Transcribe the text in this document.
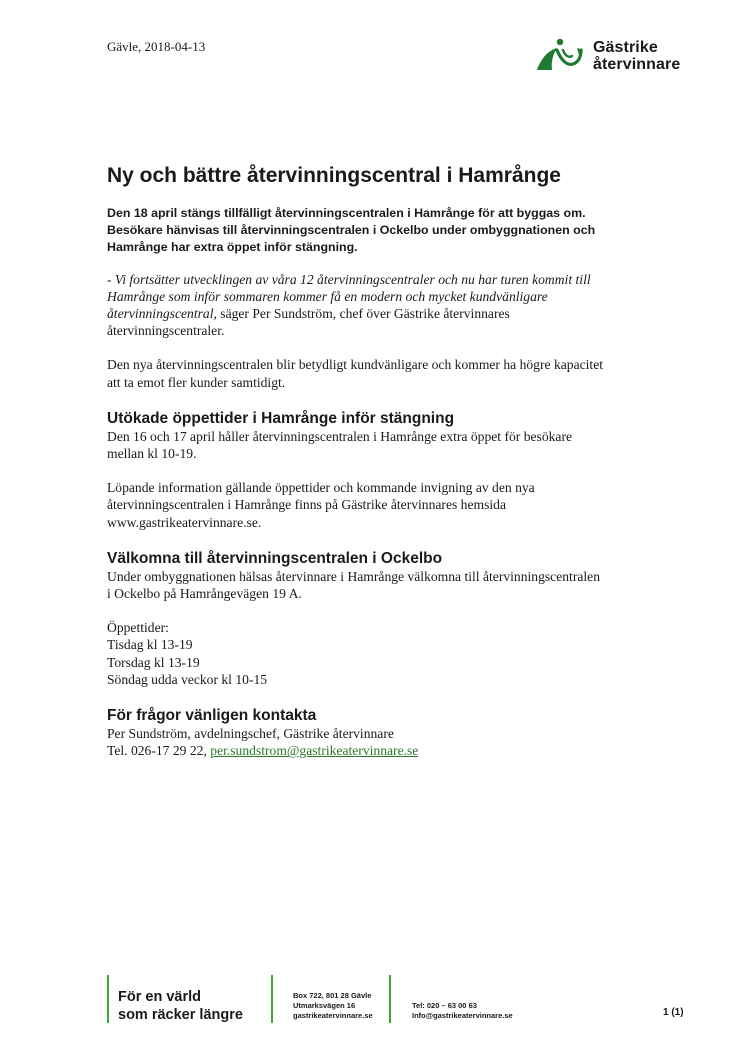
Gävle, 2018-04-13	Gästrike
återvinnare
Ny och bättre återvinningscentral i Hamrånge

Den 18 april stängs tillfälligt återvinningscentralen i Hamrånge för att byggas om. Besökare hänvisas till återvinningscentralen i Ockelbo under ombyggnationen och Hamrånge har extra öppet inför stängning.

- Vi fortsätter utvecklingen av våra 12 återvinningscentraler och nu har turen kommit till Hamrånge som inför sommaren kommer få en modern och mycket kundvänligare återvinningscentral, säger Per Sundström, chef över Gästrike återvinnares återvinningscentraler.

Den nya återvinningscentralen blir betydligt kundvänligare och kommer ha högre kapacitet att ta emot fler kunder samtidigt.

Utökade öppettider i Hamrånge inför stängning

Den 16 och 17 april håller återvinningscentralen i Hamrånge extra öppet för besökare mellan kl 10-19.

Löpande information gällande öppettider och kommande invigning av den nya återvinningscentralen i Hamrånge finns på Gästrike återvinnares hemsida www.gastrikeatervinnare.se.

Välkomna till återvinningscentralen i Ockelbo

Under ombyggnationen hälsas återvinnare i Hamrånge välkomna till återvinningscentralen i Ockelbo på Hamrångevägen 19 A.

Öppettider:
Tisdag kl 13-19
Torsdag kl 13-19
Söndag udda veckor kl 10-15
För frågor vänligen kontakta
Per Sundström, avdelningschef, Gästrike återvinnare
Tel. 026-17 29 22, per.sundstrom@gastrikeatervinnare.se
För en värld
som räcker längre
Box 722, 801 28 Gävle
Utmarksvägen 16
gastrikeatervinnare.se
Tel: 020 – 63 00 63
Info@gastrikeatervinnare.se	1 (1)
